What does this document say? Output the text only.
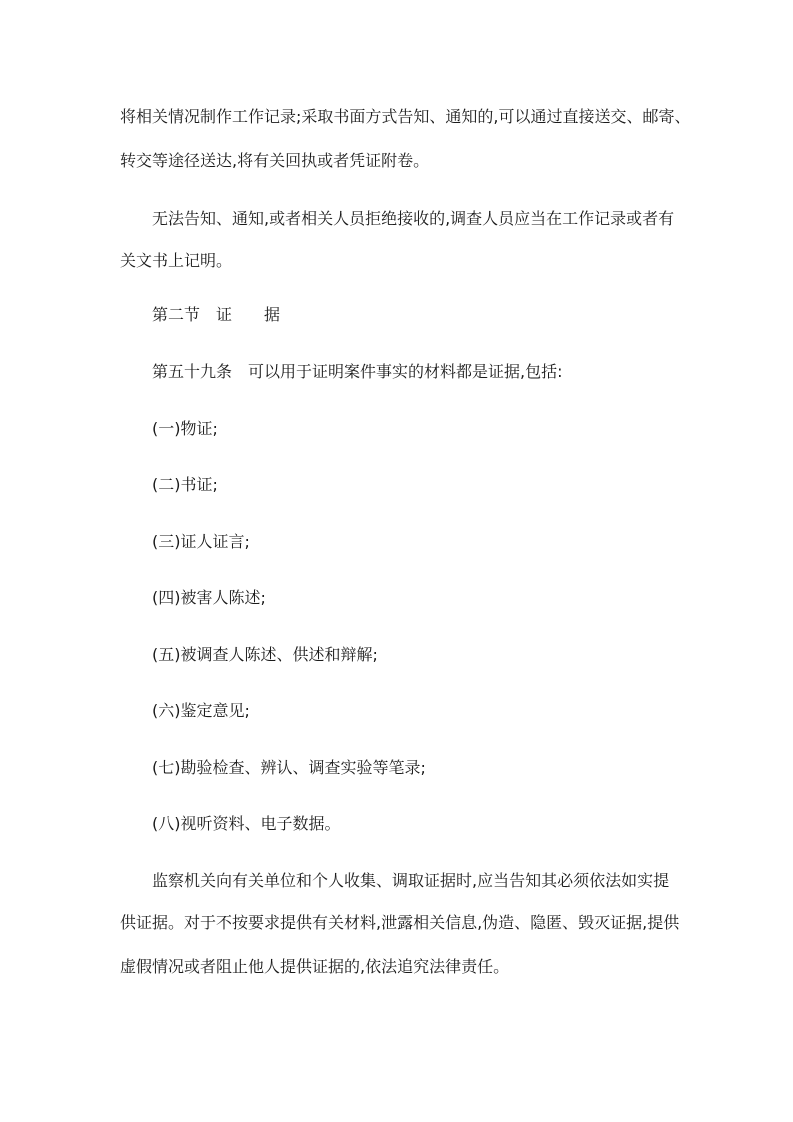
将相关情况制作工作记录;采取书面方式告知、通知的,可以通过直接送交、邮寄、
转交等途径送达,将有关回执或者凭证附卷。
无法告知、通知,或者相关人员拒绝接收的,调查人员应当在工作记录或者有
关文书上记明。
第二节　证　　据
第五十九条　可以用于证明案件事实的材料都是证据,包括:
(一)物证;
(二)书证;
(三)证人证言;
(四)被害人陈述;
(五)被调查人陈述、供述和辩解;
(六)鉴定意见;
(七)勘验检查、辨认、调查实验等笔录;
(八)视听资料、电子数据。
监察机关向有关单位和个人收集、调取证据时,应当告知其必须依法如实提
供证据。对于不按要求提供有关材料,泄露相关信息,伪造、隐匿、毁灭证据,提供
虚假情况或者阻止他人提供证据的,依法追究法律责任。
